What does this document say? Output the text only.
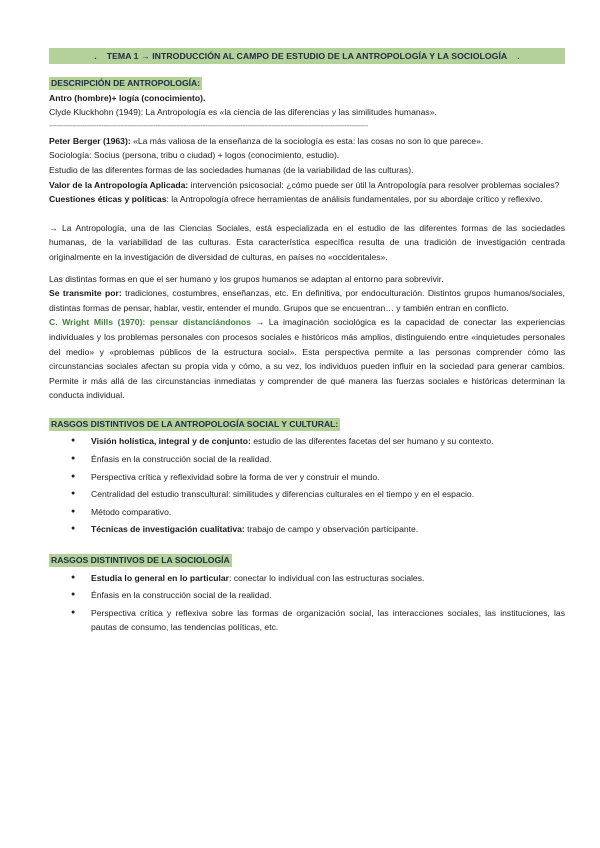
. TEMA 1 → INTRODUCCIÓN AL CAMPO DE ESTUDIO DE LA ANTROPOLOGÍA Y LA SOCIOLOGÍA .
DESCRIPCIÓN DE ANTROPOLOGÍA:

Antro (hombre)+ logía (conocimiento).

Clyde Kluckhohn (1949): La Antropología es «la ciencia de las diferencias y las similitudes humanas».

---------------------------------------------------------------------------------------------------------------------------------------

Peter Berger (1963): «La más valiosa de la enseñanza de la sociología es esta: las cosas no son lo que parece».

Sociología: Socius (persona, tribu o ciudad) + logos (conocimiento, estudio).

Estudio de las diferentes formas de las sociedades humanas (de la variabilidad de las culturas).

Valor de la Antropología Aplicada: intervención psicosocial: ¿cómo puede ser útil la Antropología para resolver problemas sociales?

Cuestiones éticas y políticas: la Antropología ofrece herramientas de análisis fundamentales, por su abordaje crítico y reflexivo.

→ La Antropología, una de las Ciencias Sociales, está especializada en el estudio de las diferentes formas de las sociedades humanas, de la variabilidad de las culturas. Esta característica específica resulta de una tradición de investigación centrada originalmente en la investigación de diversidad de culturas, en países no «occidentales».

Las distintas formas en que el ser humano y los grupos humanos se adaptan al entorno para sobrevivir.

Se transmite por: tradiciones, costumbres, enseñanzas, etc. En definitiva, por endoculturación. Distintos grupos humanos/sociales, distintas formas de pensar, hablar, vestir, entender el mundo. Grupos que se encuentran… y también entran en conflicto.

C. Wright Mills (1970): pensar distanciándonos → La imaginación sociológica es la capacidad de conectar las experiencias individuales y los problemas personales con procesos sociales e históricos más amplios, distinguiendo entre «inquietudes personales del medio» y «problemas públicos de la estructura social». Esta perspectiva permite a las personas comprender cómo las circunstancias sociales afectan su propia vida y cómo, a su vez, los individuos pueden influir en la sociedad para generar cambios. Permite ir más allá de las circunstancias inmediatas y comprender de qué manera las fuerzas sociales e históricas determinan la conducta individual.

RASGOS DISTINTIVOS DE LA ANTROPOLOGÍA SOCIAL Y CULTURAL:
● Visión holística, integral y de conjunto: estudio de las diferentes facetas del ser humano y su contexto.
● Énfasis en la construcción social de la realidad.
● Perspectiva crítica y reflexividad sobre la forma de ver y construir el mundo.
● Centralidad del estudio transcultural: similitudes y diferencias culturales en el tiempo y en el espacio.
● Método comparativo.
● Técnicas de investigación cualitativa: trabajo de campo y observación participante.
RASGOS DISTINTIVOS DE LA SOCIOLOGÍA
● Estudia lo general en lo particular: conectar lo individual con las estructuras sociales.
● Énfasis en la construcción social de la realidad.
● Perspectiva crítica y reflexiva sobre las formas de organización social, las interacciones sociales, las instituciones, las pautas de consumo, las tendencias políticas, etc.
